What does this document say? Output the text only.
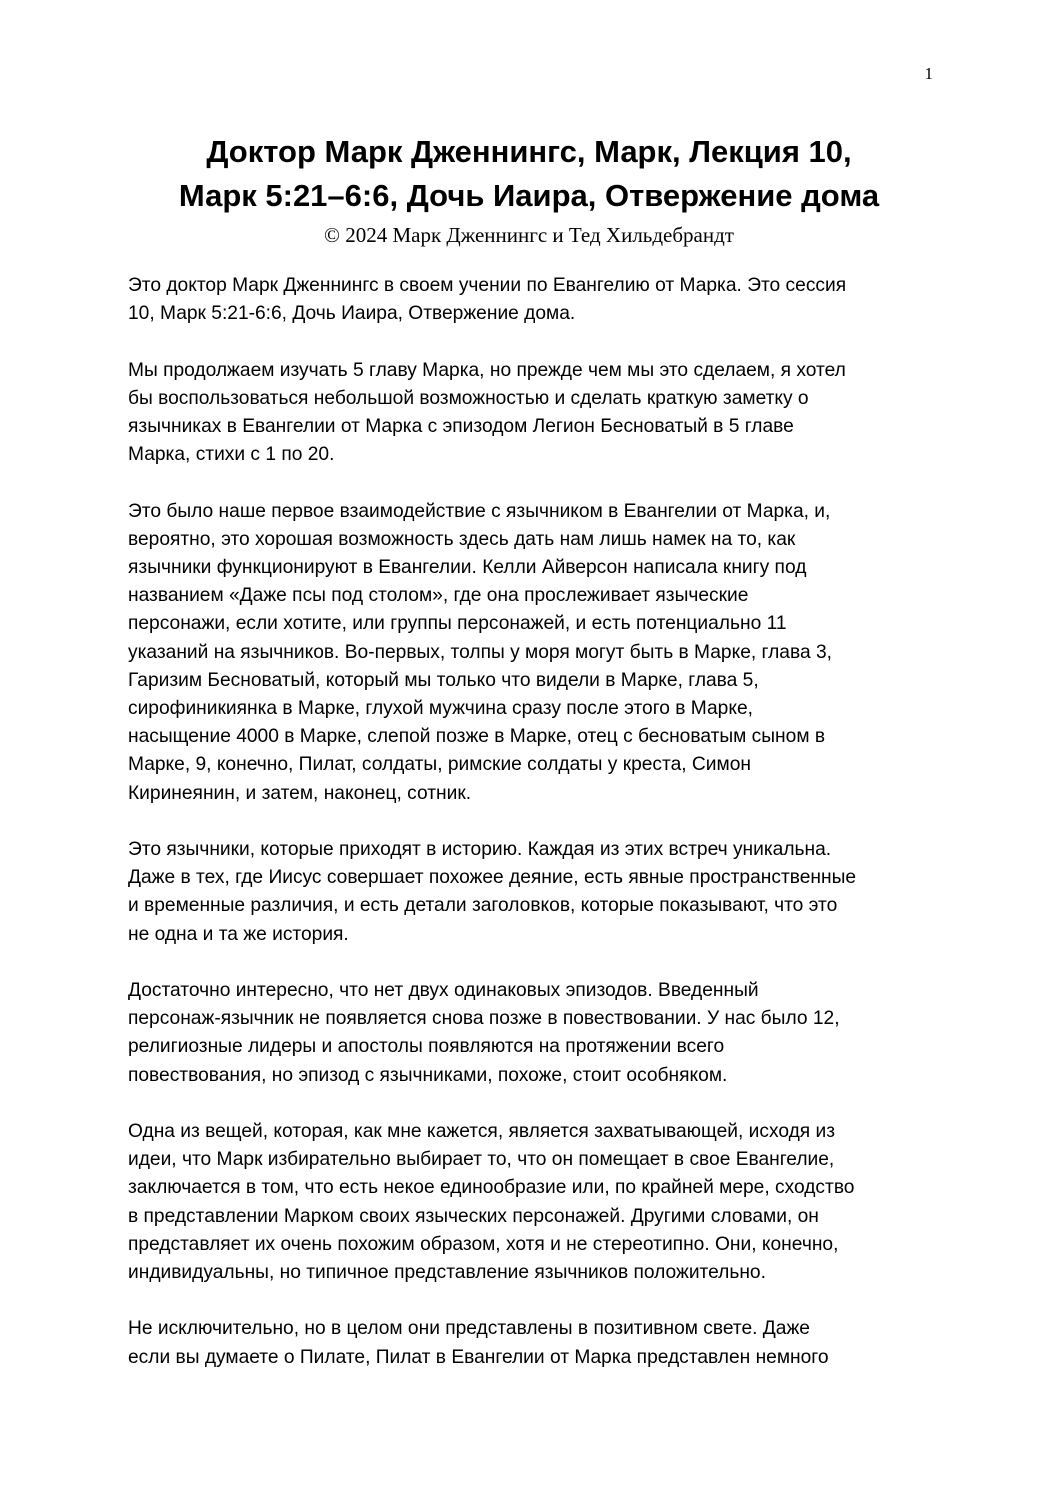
1
Доктор Марк Дженнингс, Марк, Лекция 10,
Марк 5:21–6:6, Дочь Иаира, Отвержение дома
© 2024 Марк Дженнингс и Тед Хильдебрандт

Это доктор Марк Дженнингс в своем учении по Евангелию от Марка. Это сессия
10, Марк 5:21-6:6, Дочь Иаира, Отвержение дома.

Мы продолжаем изучать 5 главу Марка, но прежде чем мы это сделаем, я хотел
бы воспользоваться небольшой возможностью и сделать краткую заметку о
язычниках в Евангелии от Марка с эпизодом Легион Бесноватый в 5 главе
Марка, стихи с 1 по 20.

Это было наше первое взаимодействие с язычником в Евангелии от Марка, и,
вероятно, это хорошая возможность здесь дать нам лишь намек на то, как
язычники функционируют в Евангелии. Келли Айверсон написала книгу под
названием «Даже псы под столом», где она прослеживает языческие
персонажи, если хотите, или группы персонажей, и есть потенциально 11
указаний на язычников. Во-первых, толпы у моря могут быть в Марке, глава 3,
Гаризим Бесноватый, который мы только что видели в Марке, глава 5,
сирофиникиянка в Марке, глухой мужчина сразу после этого в Марке,
насыщение 4000 в Марке, слепой позже в Марке, отец с бесноватым сыном в
Марке, 9, конечно, Пилат, солдаты, римские солдаты у креста, Симон
Киринеянин, и затем, наконец, сотник.

Это язычники, которые приходят в историю. Каждая из этих встреч уникальна.
Даже в тех, где Иисус совершает похожее деяние, есть явные пространственные
и временные различия, и есть детали заголовков, которые показывают, что это
не одна и та же история.

Достаточно интересно, что нет двух одинаковых эпизодов. Введенный
персонаж-язычник не появляется снова позже в повествовании. У нас было 12,
религиозные лидеры и апостолы появляются на протяжении всего
повествования, но эпизод с язычниками, похоже, стоит особняком.

Одна из вещей, которая, как мне кажется, является захватывающей, исходя из
идеи, что Марк избирательно выбирает то, что он помещает в свое Евангелие,
заключается в том, что есть некое единообразие или, по крайней мере, сходство
в представлении Марком своих языческих персонажей. Другими словами, он
представляет их очень похожим образом, хотя и не стереотипно. Они, конечно,
индивидуальны, но типичное представление язычников положительно.

Не исключительно, но в целом они представлены в позитивном свете. Даже
если вы думаете о Пилате, Пилат в Евангелии от Марка представлен немного
